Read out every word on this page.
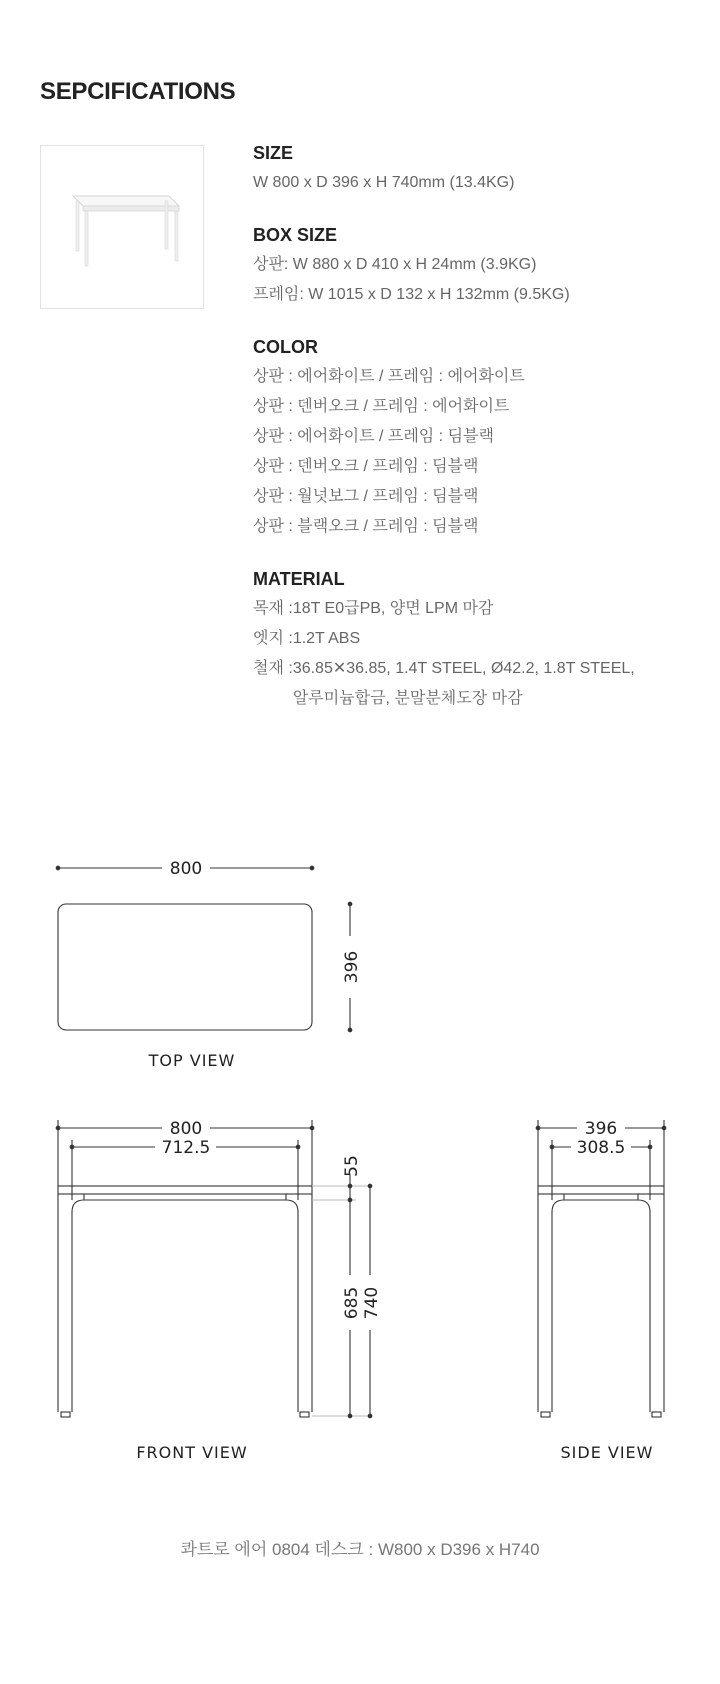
SEPCIFICATIONS
SIZE
W 800 x D 396 x H 740mm (13.4KG)
BOX SIZE
상판: W 880 x D 410 x H 24mm (3.9KG)
프레임: W 1015 x D 132 x H 132mm (9.5KG)
COLOR
상판 : 에어화이트 / 프레임 : 에어화이트
상판 : 덴버오크 / 프레임 : 에어화이트
상판 : 에어화이트 / 프레임 : 딤블랙
상판 : 덴버오크 / 프레임 : 딤블랙
상판 : 월넛보그 / 프레임 : 딤블랙
상판 : 블랙오크 / 프레임 : 딤블랙
MATERIAL
목재 : 18T E0급PB, 양면 LPM 마감
엣지 : 1.2T ABS
철재 : 36.85✕36.85, 1.4T STEEL, Ø42.2, 1.8T STEEL,
알루미늄합금, 분말분체도장 마감
800
396
TOP VIEW
800
712.5
55
685 740
FRONT VIEW
396
308.5
SIDE VIEW
콰트로 에어 0804 데스크 : W800 x D396 x H740
